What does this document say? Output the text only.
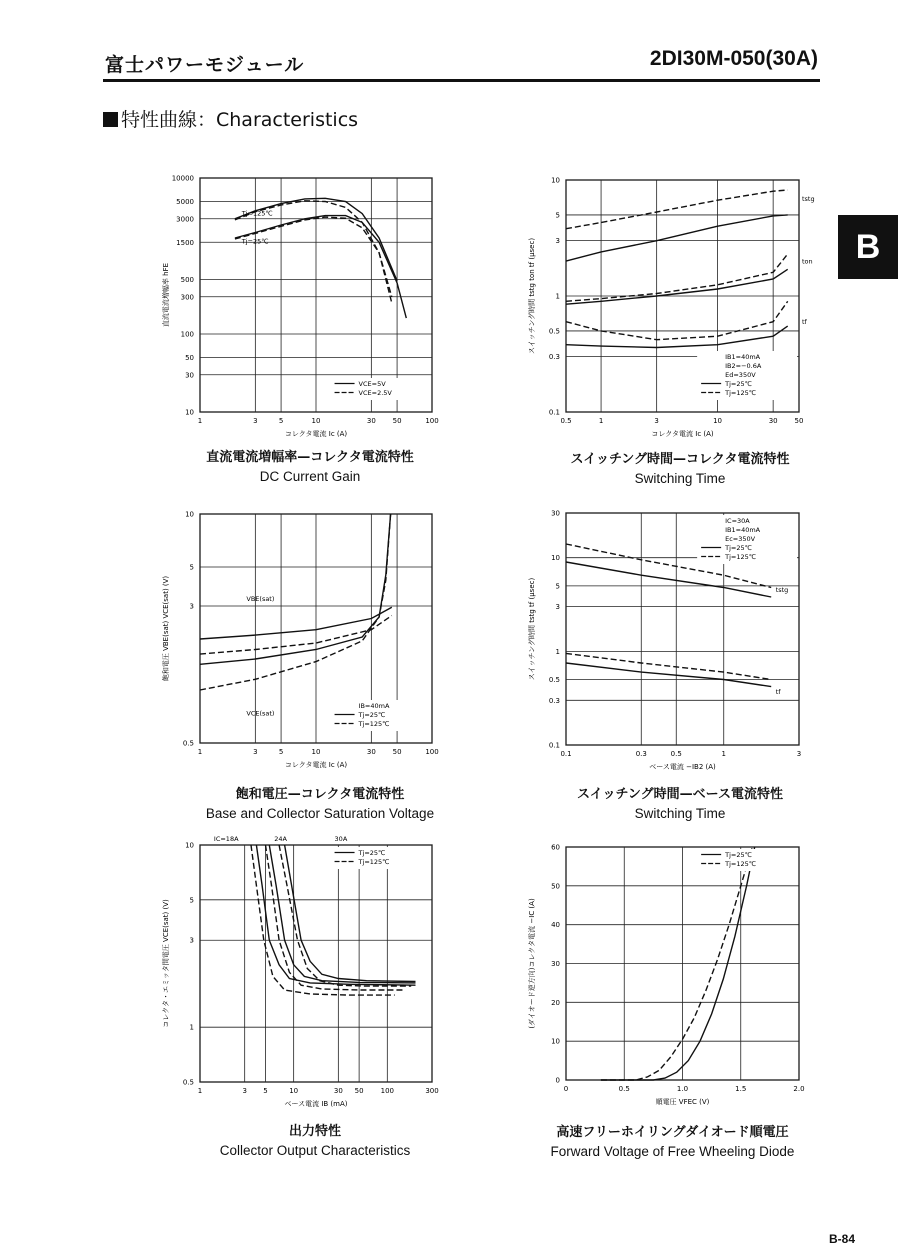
富士パワーモジュール	2DI30M-050(30A)
特性曲線：Characteristics
B
B-84
1	3	5	10	30 50	100
10
30
50
100
300
500
1500
3000
5000
10000
コレクタ電流 Iс (A)
直流電流増幅率 hFE
VCE=5V
VCE=2.5V
Tj=125℃
Tj=25℃
0.5	1	3	10	30 50
0.1
0.3
0.5
1
3
5
10
コレクタ電流 Iс (A)
スイッチング時間 tstg ton tf (μsec)
IB1=40mA
IB2=−0.6A
Ed=350V
Tj=25℃
Tj=125℃
tstg
ton
tf
1	3	5	10	30 50	100
0.5
3
5
10
コレクタ電流 Iс (A)
飽和電圧 VBE(sat) VCE(sat) (V)
IB=40mA
Tj=25℃
Tj=125℃
VBE(sat)
VCE(sat)
0.1	0.3	0.5	1	3
0.1
0.3
0.5
1
3
5
10
30
ベース電流 −IB2 (A)
スイッチング時間 tstg tf (μsec)
IC=30A
IB1=40mA
Ec=350V
Tj=25℃
Tj=125℃
tstg
tf
1	3 5	10	30 50 100	300
0.5
1
3
5
10
ベース電流 IB (mA)
コレクタ・エミッタ間電圧 VCE(sat) (V)
Tj=25℃
Tj=125℃
IC=18A	24A	30A
0	0.5	1.0	1.5	2.0
0
10
20
30
40
50
60
順電圧 VFEC (V)
(ダイオード逆方向)コレクタ電流 −IC (A)
Tj=25℃
Tj=125℃
直流電流増幅率—コレクタ電流特性
DC Current Gain
スイッチング時間—コレクタ電流特性
Switching Time
飽和電圧—コレクタ電流特性
Base and Collector Saturation Voltage
スイッチング時間—ベース電流特性
Switching Time
出力特性
Collector Output Characteristics
高速フリーホイリングダイオード順電圧
Forward Voltage of Free Wheeling Diode
